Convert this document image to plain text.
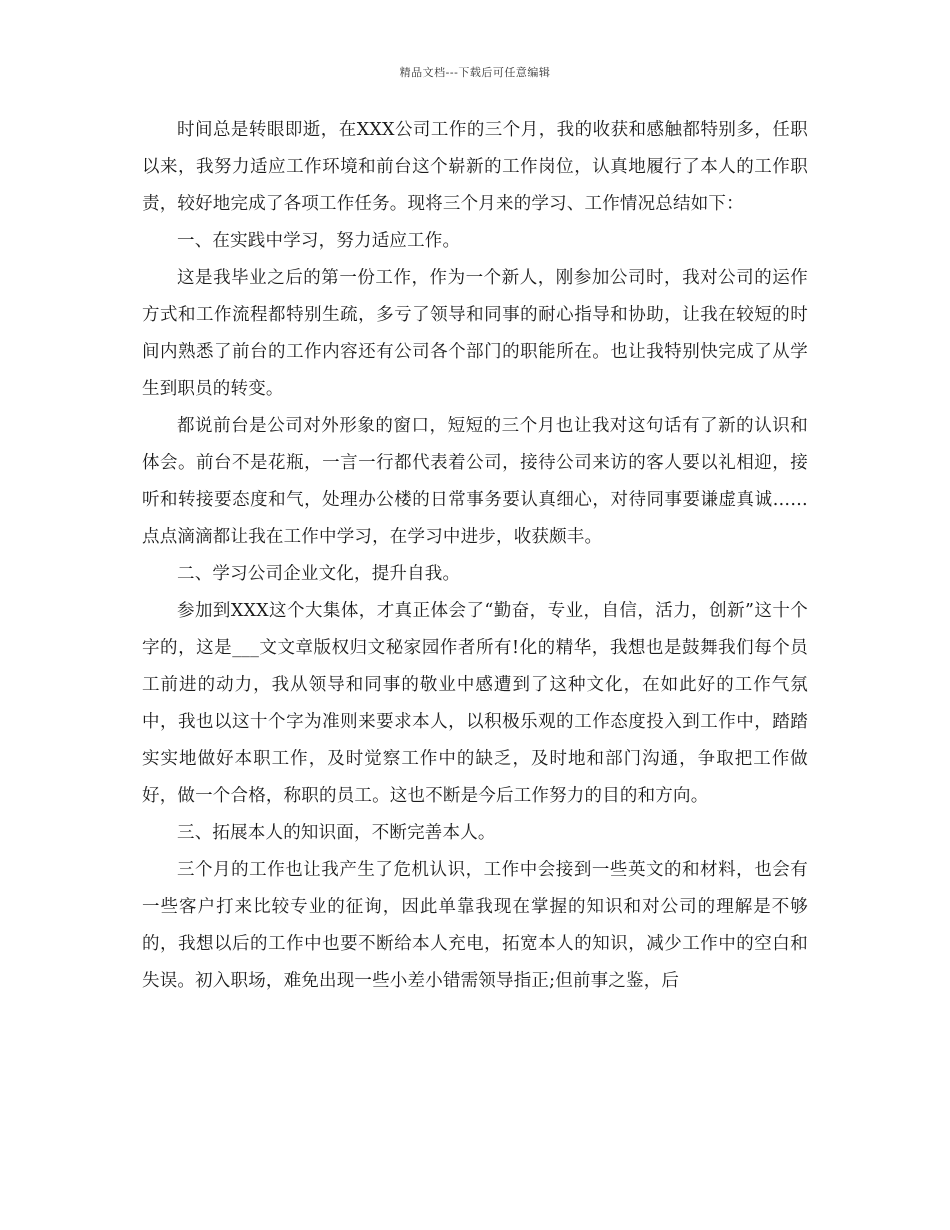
精品文档---下载后可任意编辑

时间总是转眼即逝，在XXX公司工作的三个月，我的收获和感触都特别多，任职以来，我努力适应工作环境和前台这个崭新的工作岗位，认真地履行了本人的工作职责，较好地完成了各项工作任务。现将三个月来的学习、工作情况总结如下：

一、在实践中学习，努力适应工作。

这是我毕业之后的第一份工作，作为一个新人，刚参加公司时，我对公司的运作方式和工作流程都特别生疏，多亏了领导和同事的耐心指导和协助，让我在较短的时间内熟悉了前台的工作内容还有公司各个部门的职能所在。也让我特别快完成了从学生到职员的转变。

都说前台是公司对外形象的窗口，短短的三个月也让我对这句话有了新的认识和体会。前台不是花瓶，一言一行都代表着公司，接待公司来访的客人要以礼相迎，接听和转接要态度和气，处理办公楼的日常事务要认真细心，对待同事要谦虚真诚……点点滴滴都让我在工作中学习，在学习中进步，收获颇丰。

二、学习公司企业文化，提升自我。

参加到XXX这个大集体，才真正体会了“勤奋，专业，自信，活力，创新”这十个字的，这是___文文章版权归文秘家园作者所有!化的精华，我想也是鼓舞我们每个员工前进的动力，我从领导和同事的敬业中感遭到了这种文化，在如此好的工作气氛中，我也以这十个字为准则来要求本人，以积极乐观的工作态度投入到工作中，踏踏实实地做好本职工作，及时觉察工作中的缺乏，及时地和部门沟通，争取把工作做好，做一个合格，称职的员工。这也不断是今后工作努力的目的和方向。

三、拓展本人的知识面，不断完善本人。

三个月的工作也让我产生了危机认识，工作中会接到一些英文的和材料，也会有一些客户打来比较专业的征询，因此单靠我现在掌握的知识和对公司的理解是不够的，我想以后的工作中也要不断给本人充电，拓宽本人的知识，减少工作中的空白和失误。初入职场，难免出现一些小差小错需领导指正;但前事之鉴，后
